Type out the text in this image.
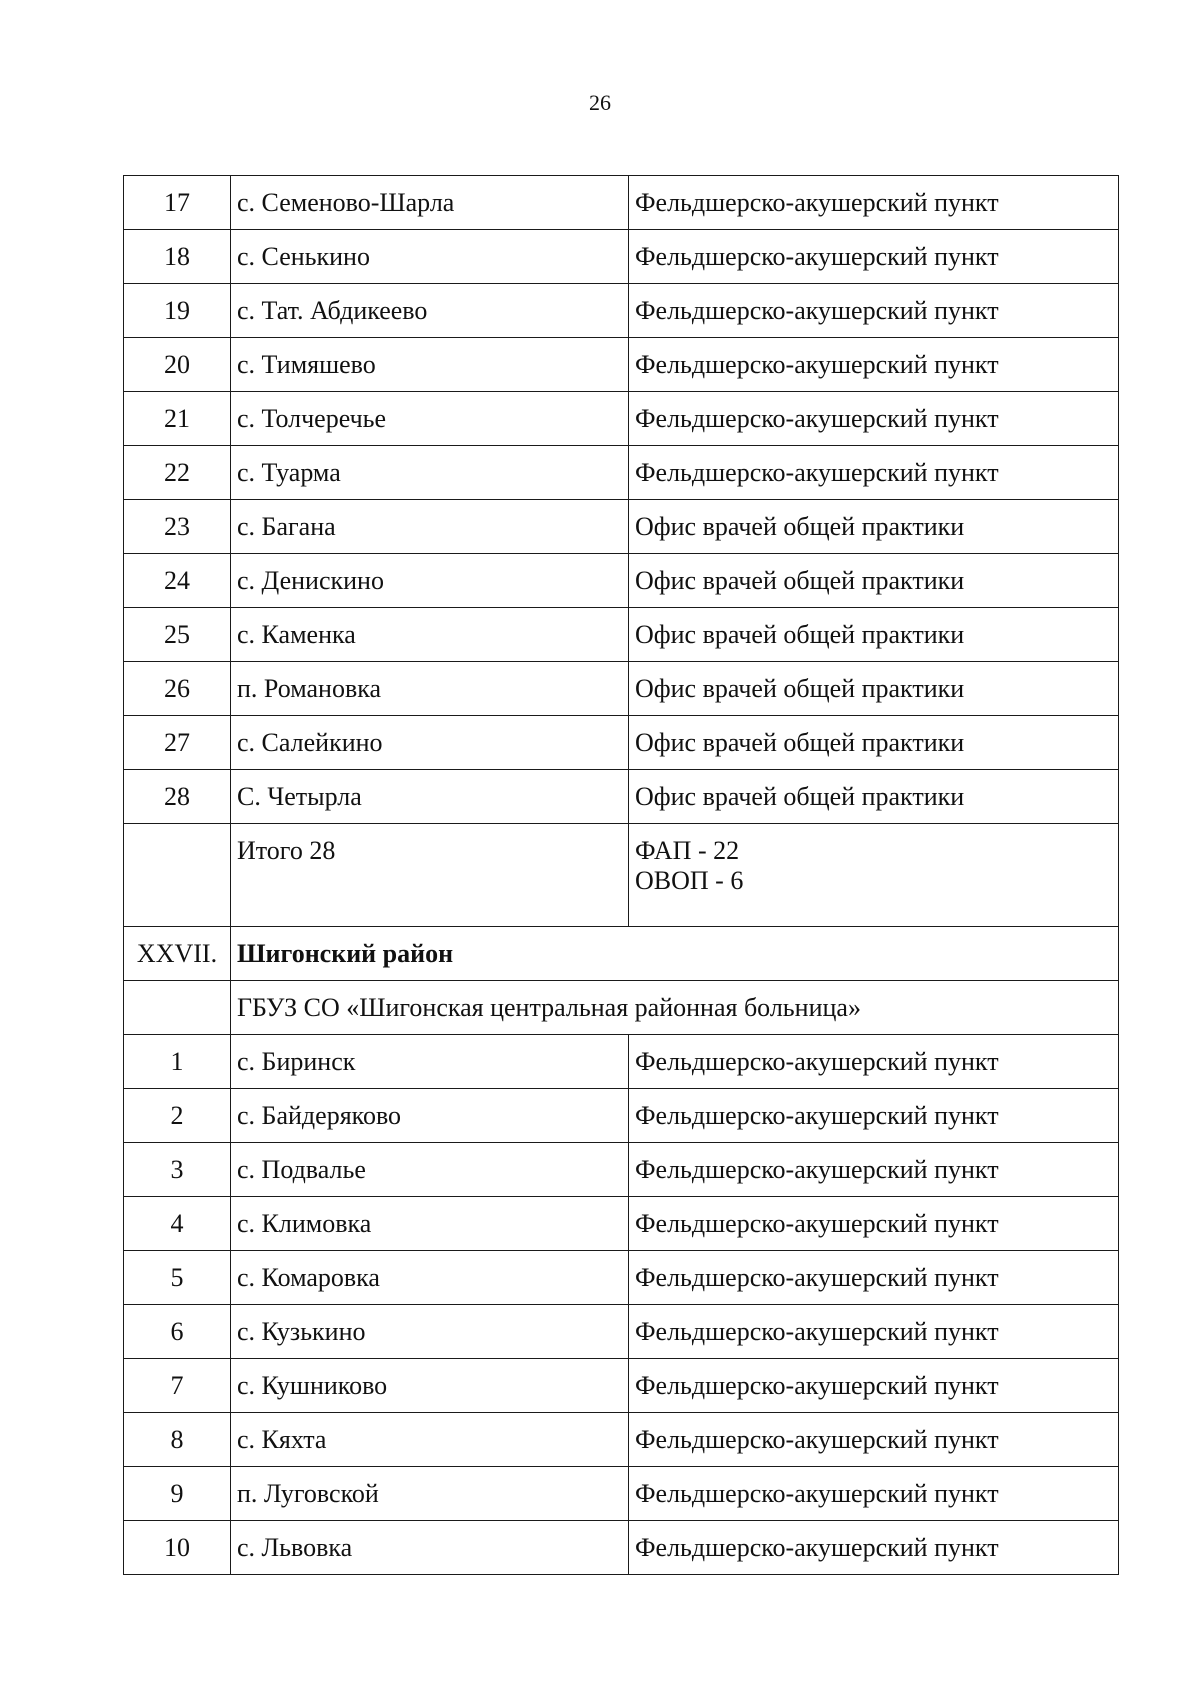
26
17	с. Семеново-Шарла	Фельдшерско-акушерский пункт
18	с. Сенькино	Фельдшерско-акушерский пункт
19	с. Тат. Абдикеево	Фельдшерско-акушерский пункт
20	с. Тимяшево	Фельдшерско-акушерский пункт
21	с. Толчеречье	Фельдшерско-акушерский пункт
22	с. Туарма	Фельдшерско-акушерский пункт
23	с. Багана	Офис врачей общей практики
24	с. Денискино	Офис врачей общей практики
25	с. Каменка	Офис врачей общей практики
26	п. Романовка	Офис врачей общей практики
27	с. Салейкино	Офис врачей общей практики
28	С. Четырла	Офис врачей общей практики
	Итого 28	ФАП - 22
ОВОП - 6

XXVII.	Шигонский район	
	ГБУЗ СО «Шигонская центральная районная больница»	
1	с. Биринск	Фельдшерско-акушерский пункт
2	с. Байдеряково	Фельдшерско-акушерский пункт
3	с. Подвалье	Фельдшерско-акушерский пункт
4	с. Климовка	Фельдшерско-акушерский пункт
5	с. Комаровка	Фельдшерско-акушерский пункт
6	с. Кузькино	Фельдшерско-акушерский пункт
7	с. Кушниково	Фельдшерско-акушерский пункт
8	с. Кяхта	Фельдшерско-акушерский пункт
9	п. Луговской	Фельдшерско-акушерский пункт
10	с. Львовка	Фельдшерско-акушерский пункт
